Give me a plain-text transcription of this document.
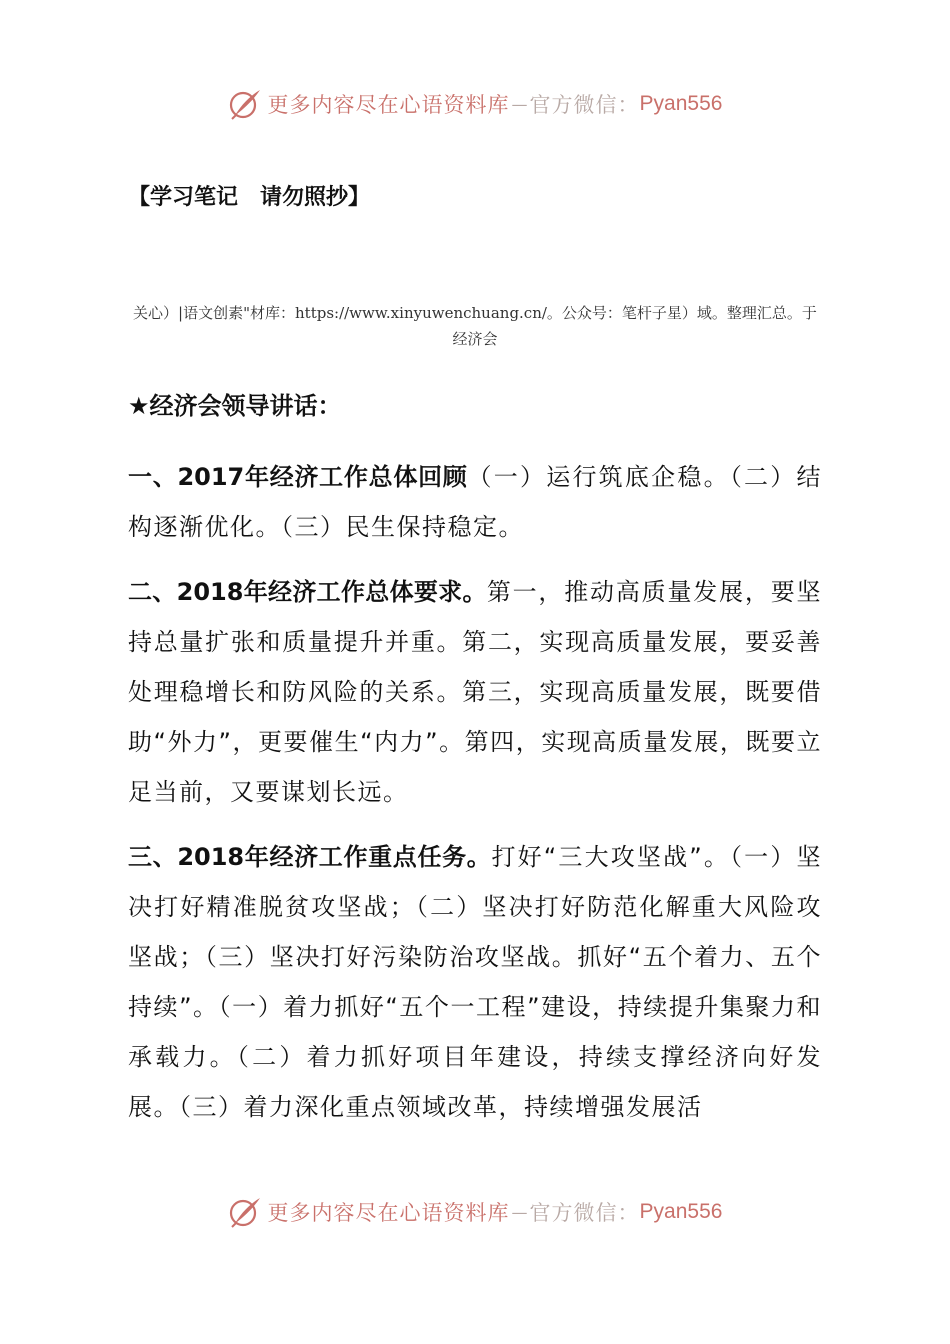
更多内容尽在心语资料库 — 官方微信： Pyan556
【学习笔记　请勿照抄】
关心）|语文创素"材库：https://www.xinyuwenchuang.cn/。公众号：笔杆子星）域。整理汇总。于经济会
★经济会领导讲话：
一、2017年经济工作总体回顾（一）运行筑底企稳。（二）结构逐渐优化。（三）民生保持稳定。
二、2018年经济工作总体要求。第一，推动高质量发展，要坚持总量扩张和质量提升并重。第二，实现高质量发展，要妥善处理稳增长和防风险的关系。第三，实现高质量发展，既要借助“外力”，更要催生“内力”。第四，实现高质量发展，既要立足当前，又要谋划长远。
三、2018年经济工作重点任务。打好“三大攻坚战”。（一）坚决打好精准脱贫攻坚战；（二）坚决打好防范化解重大风险攻坚战；（三）坚决打好污染防治攻坚战。抓好“五个着力、五个持续”。（一）着力抓好“五个一工程”建设，持续提升集聚力和承载力。（二）着力抓好项目年建设，持续支撑经济向好发展。（三）着力深化重点领域改革，持续增强发展活
更多内容尽在心语资料库 — 官方微信： Pyan556
